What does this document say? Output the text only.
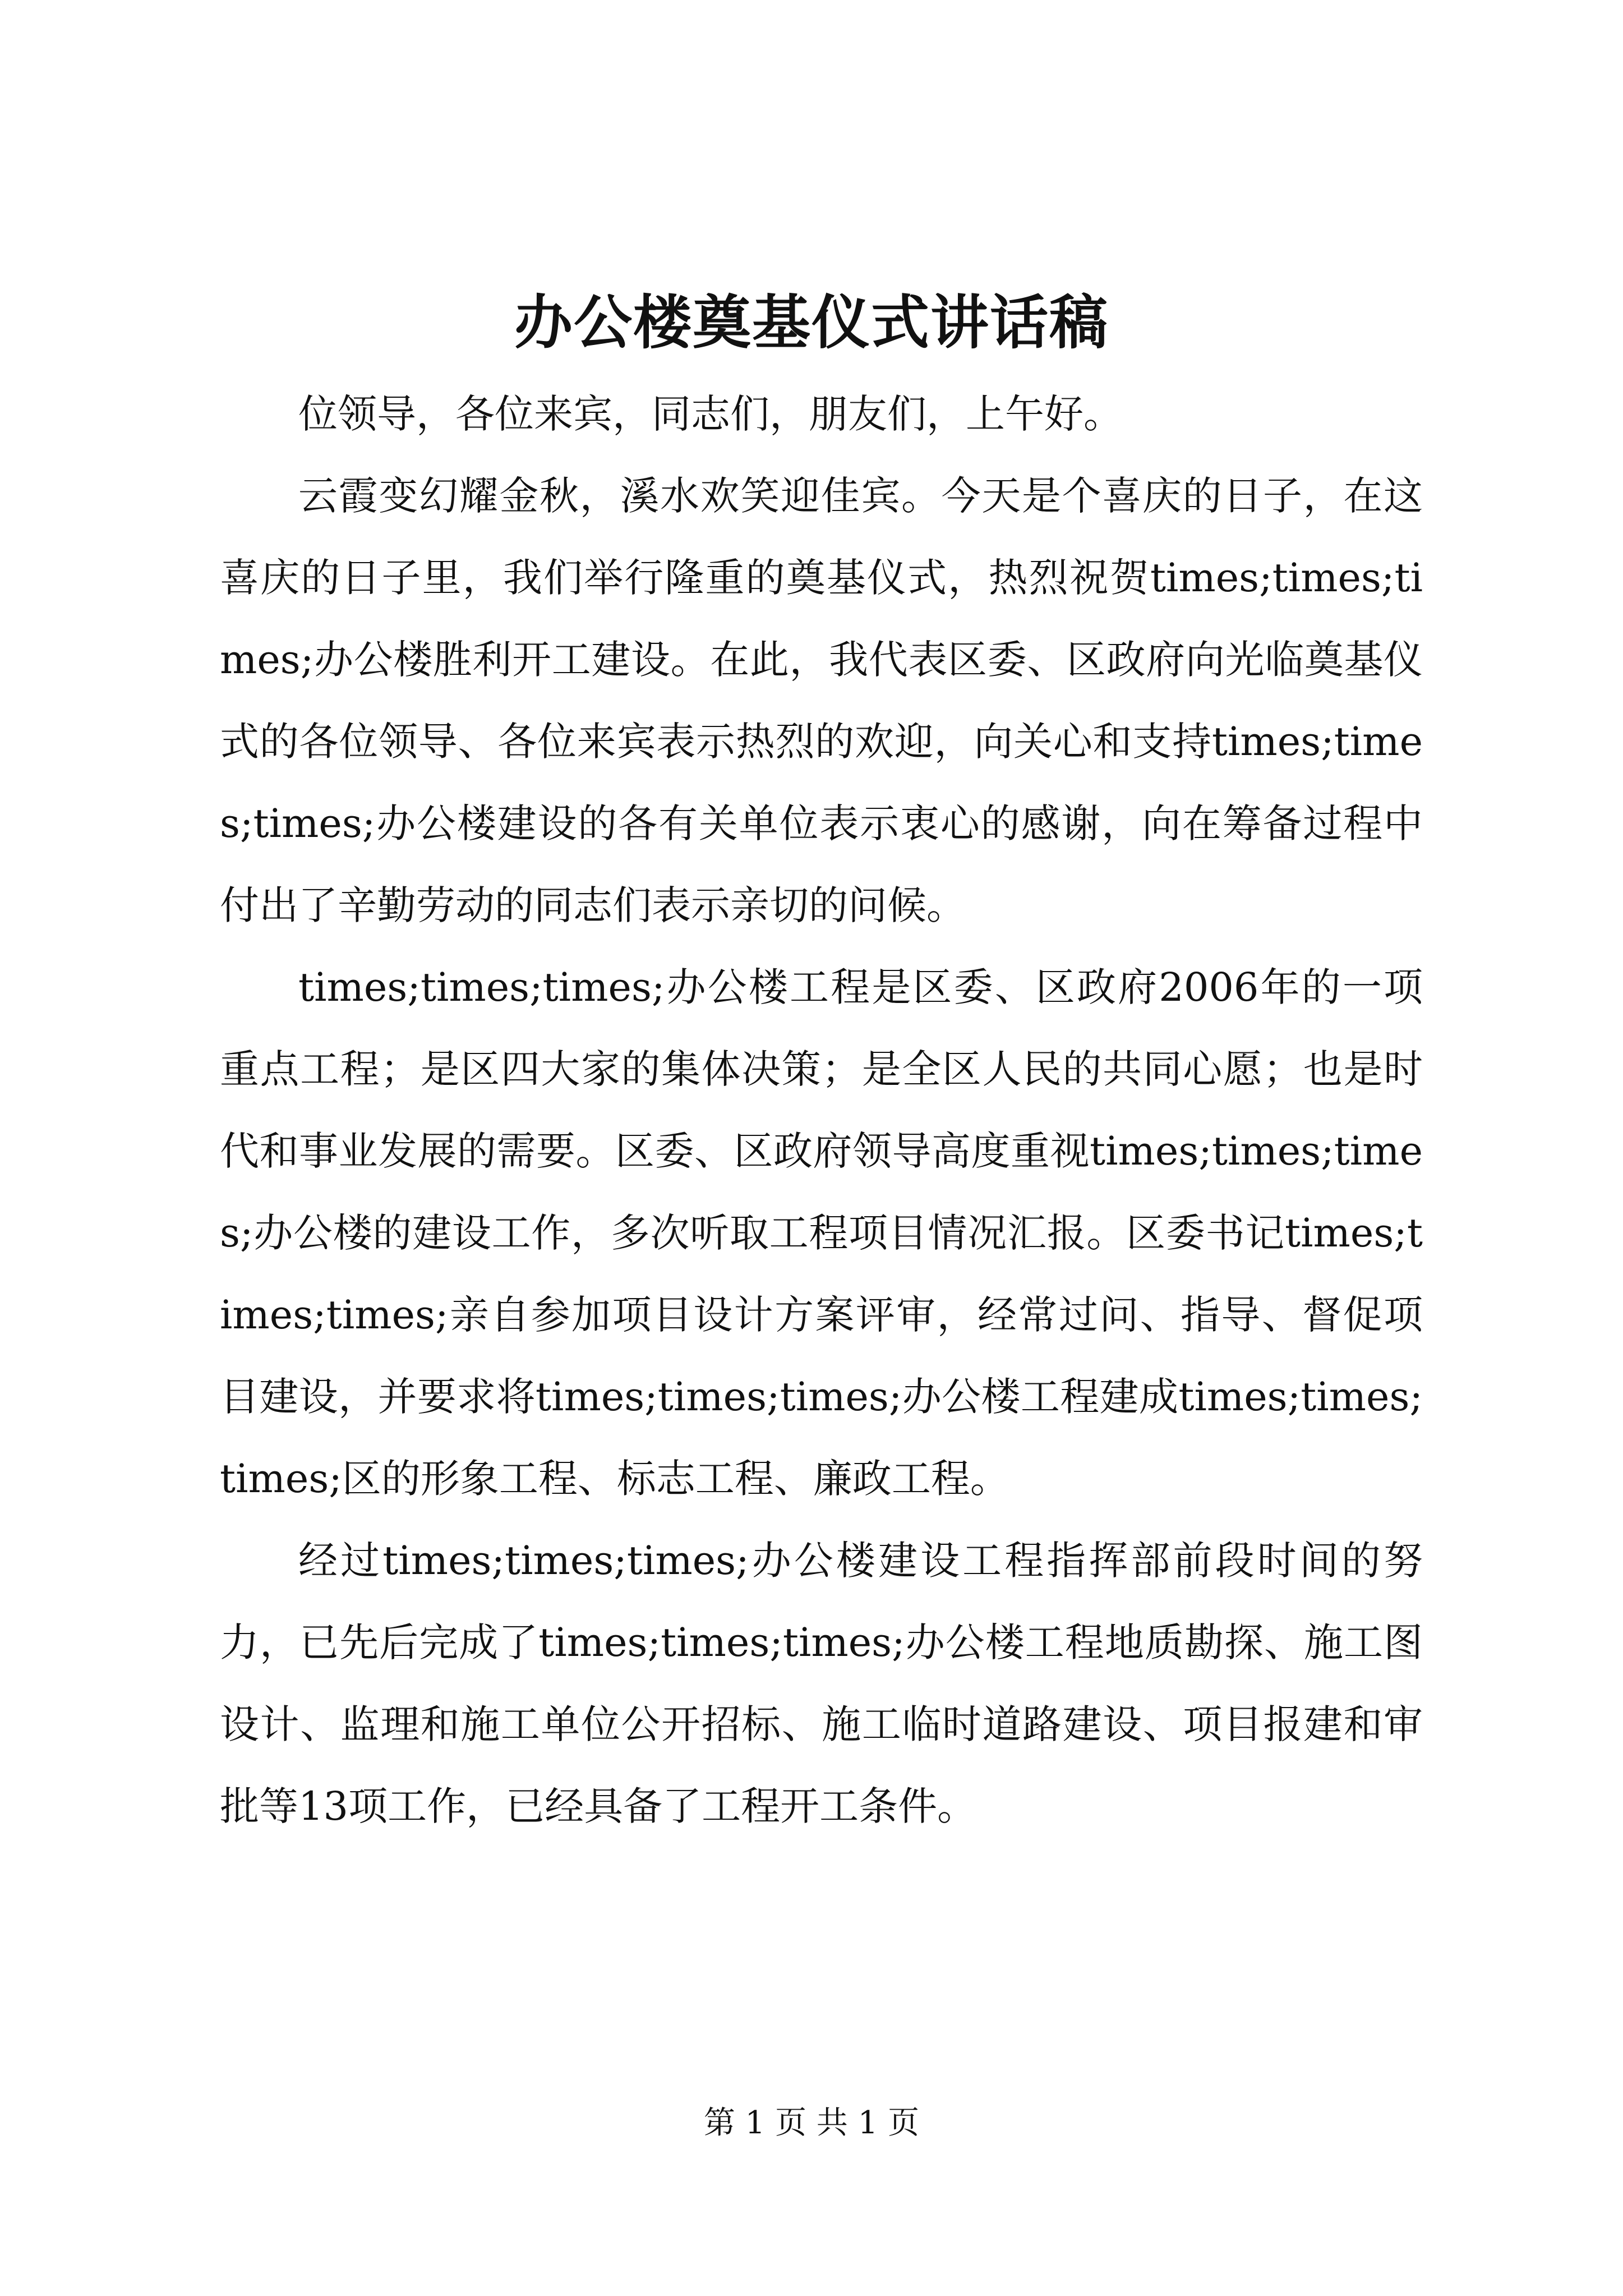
办公楼奠基仪式讲话稿

位领导，各位来宾，同志们，朋友们，上午好。

云霞变幻耀金秋，溪水欢笑迎佳宾。今天是个喜庆的日子，在这喜庆的日子里，我们举行隆重的奠基仪式，热烈祝贺times;times;times;办公楼胜利开工建设。在此，我代表区委、区政府向光临奠基仪式的各位领导、各位来宾表示热烈的欢迎，向关心和支持times;times;times;办公楼建设的各有关单位表示衷心的感谢，向在筹备过程中付出了辛勤劳动的同志们表示亲切的问候。

times;times;times;办公楼工程是区委、区政府2006年的一项重点工程；是区四大家的集体决策；是全区人民的共同心愿；也是时代和事业发展的需要。区委、区政府领导高度重视times;times;times;办公楼的建设工作，多次听取工程项目情况汇报。区委书记times;times;times;亲自参加项目设计方案评审，经常过问、指导、督促项目建设，并要求将times;times;times;办公楼工程建成times;times;times;区的形象工程、标志工程、廉政工程。

经过times;times;times;办公楼建设工程指挥部前段时间的努力，已先后完成了times;times;times;办公楼工程地质勘探、施工图设计、监理和施工单位公开招标、施工临时道路建设、项目报建和审批等13项工作，已经具备了工程开工条件。

第 1 页 共 1 页
